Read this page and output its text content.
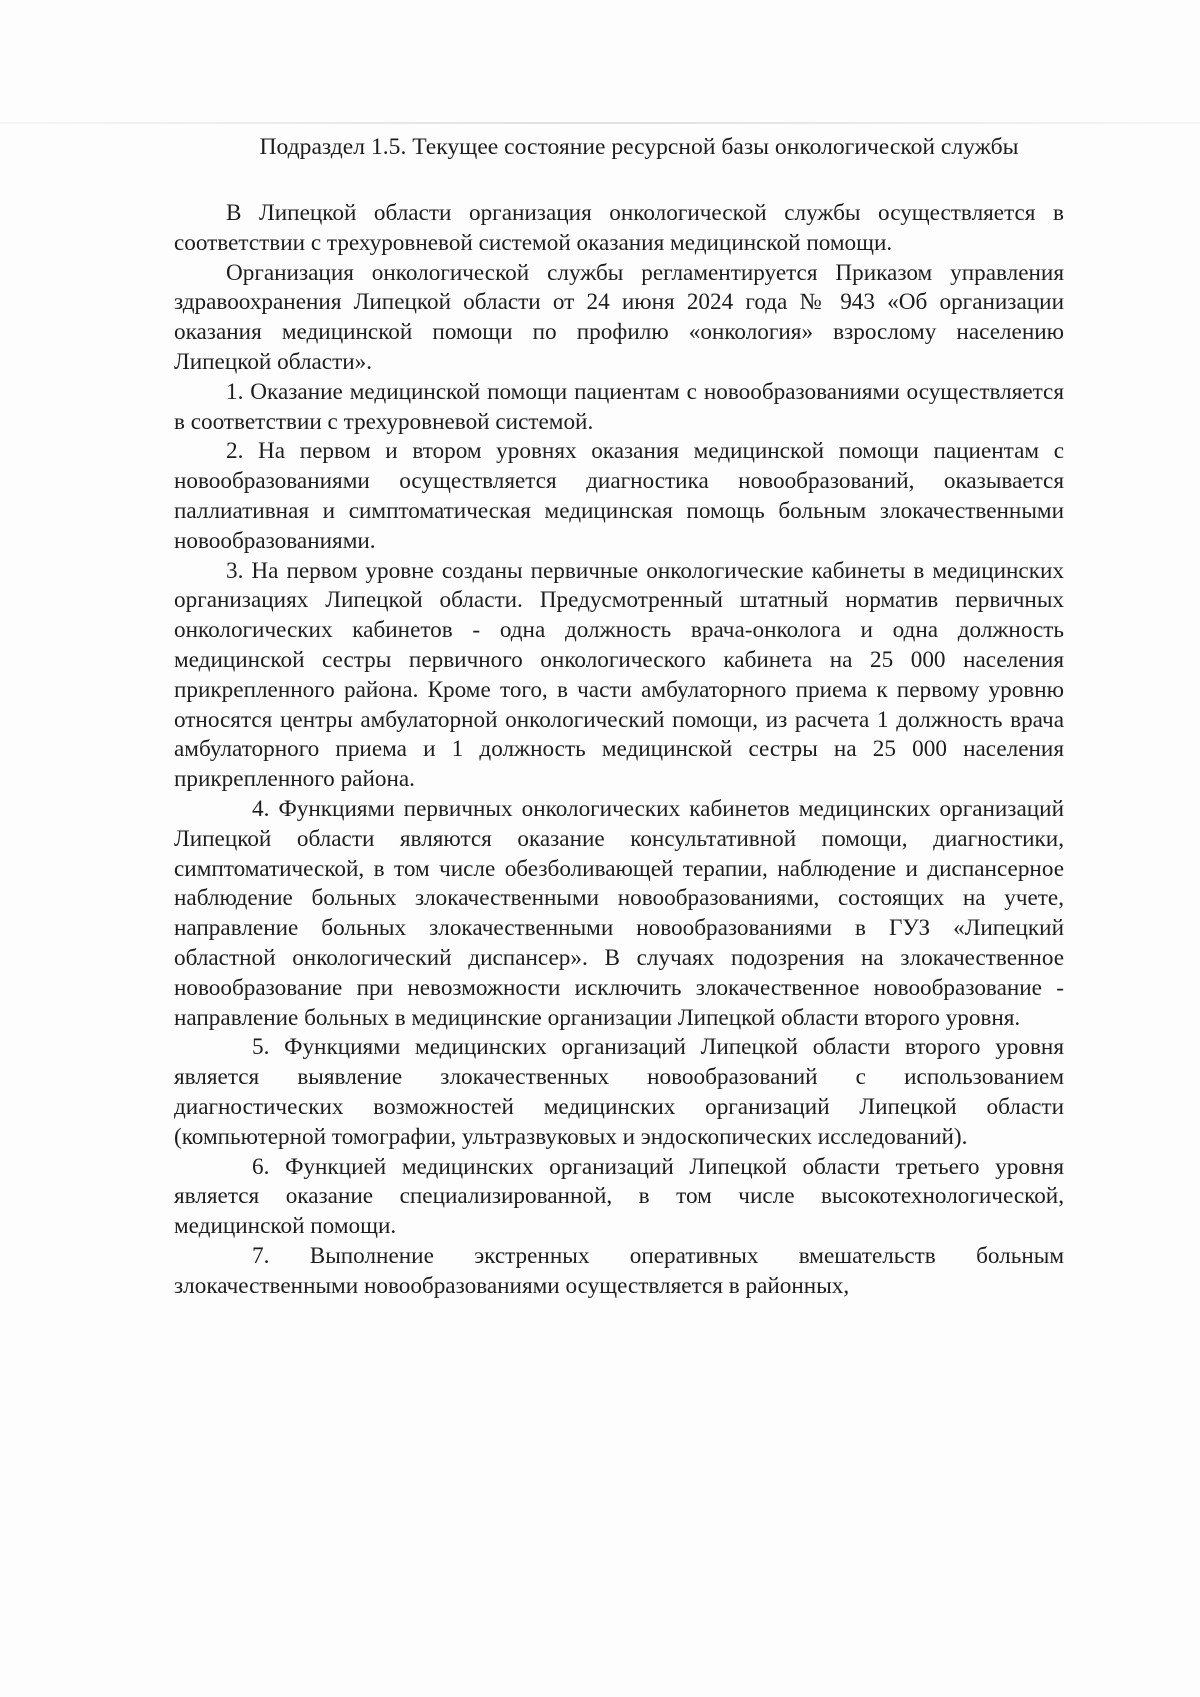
Подраздел 1.5. Текущее состояние ресурсной базы онкологической службы

В Липецкой области организация онкологической службы осуществляется в соответствии с трехуровневой системой оказания медицинской помощи.

Организация онкологической службы регламентируется Приказом управления здравоохранения Липецкой области от 24 июня 2024 года № 943 «Об организации оказания медицинской помощи по профилю «онкология» взрослому населению Липецкой области».

1. Оказание медицинской помощи пациентам с новообразованиями осуществляется в соответствии с трехуровневой системой.

2. На первом и втором уровнях оказания медицинской помощи пациентам с новообразованиями осуществляется диагностика новообразований, оказывается паллиативная и симптоматическая медицинская помощь больным злокачественными новообразованиями.

3. На первом уровне созданы первичные онкологические кабинеты в медицинских организациях Липецкой области. Предусмотренный штатный норматив первичных онкологических кабинетов - одна должность врача-онколога и одна должность медицинской сестры первичного онкологического кабинета на 25 000 населения прикрепленного района. Кроме того, в части амбулаторного приема к первому уровню относятся центры амбулаторной онкологический помощи, из расчета 1 должность врача амбулаторного приема и 1 должность медицинской сестры на 25 000 населения прикрепленного района.

4. Функциями первичных онкологических кабинетов медицинских организаций Липецкой области являются оказание консультативной помощи, диагностики, симптоматической, в том числе обезболивающей терапии, наблюдение и диспансерное наблюдение больных злокачественными новообразованиями, состоящих на учете, направление больных злокачественными новообразованиями в ГУЗ «Липецкий областной онкологический диспансер». В случаях подозрения на злокачественное новообразование при невозможности исключить злокачественное новообразование - направление больных в медицинские организации Липецкой области второго уровня.

5. Функциями медицинских организаций Липецкой области второго уровня является выявление злокачественных новообразований с использованием диагностических возможностей медицинских организаций Липецкой области (компьютерной томографии, ультразвуковых и эндоскопических исследований).

6. Функцией медицинских организаций Липецкой области третьего уровня является оказание специализированной, в том числе высокотехнологической, медицинской помощи.

7. Выполнение экстренных оперативных вмешательств больным злокачественными новообразованиями осуществляется в районных,
